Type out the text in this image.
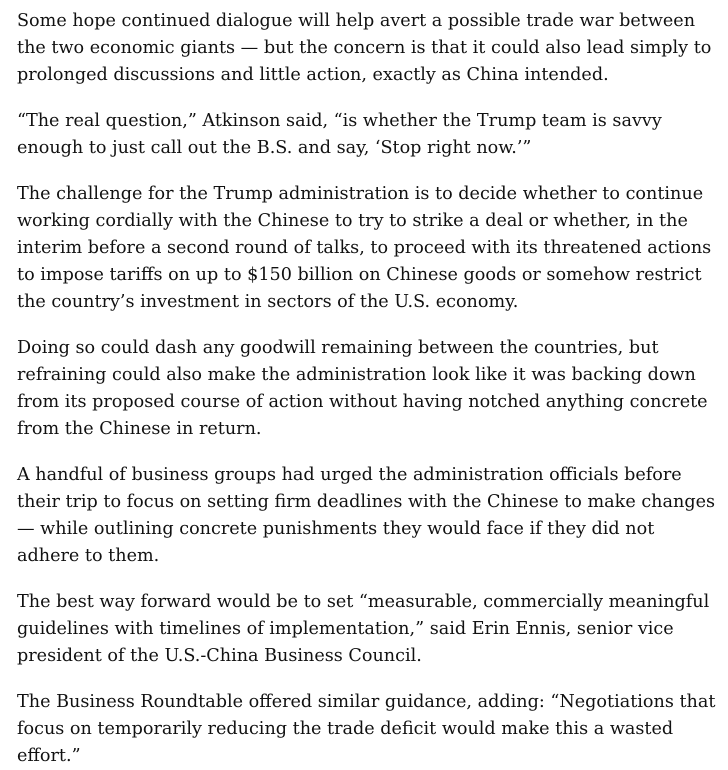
Some hope continued dialogue will help avert a possible trade war between the two economic giants — but the concern is that it could also lead simply to prolonged discussions and little action, exactly as China intended.

“The real question,” Atkinson said, “is whether the Trump team is savvy enough to just call out the B.S. and say, ‘Stop right now.’”

The challenge for the Trump administration is to decide whether to continue working cordially with the Chinese to try to strike a deal or whether, in the interim before a second round of talks, to proceed with its threatened actions to impose tariffs on up to $150 billion on Chinese goods or somehow restrict the country’s investment in sectors of the U.S. economy.

Doing so could dash any goodwill remaining between the countries, but refraining could also make the administration look like it was backing down from its proposed course of action without having notched anything concrete from the Chinese in return.

A handful of business groups had urged the administration officials before their trip to focus on setting firm deadlines with the Chinese to make changes — while outlining concrete punishments they would face if they did not adhere to them.

The best way forward would be to set “measurable, commercially meaningful guidelines with timelines of implementation,” said Erin Ennis, senior vice president of the U.S.-China Business Council.

The Business Roundtable offered similar guidance, adding: “Negotiations that focus on temporarily reducing the trade deficit would make this a wasted effort.”
